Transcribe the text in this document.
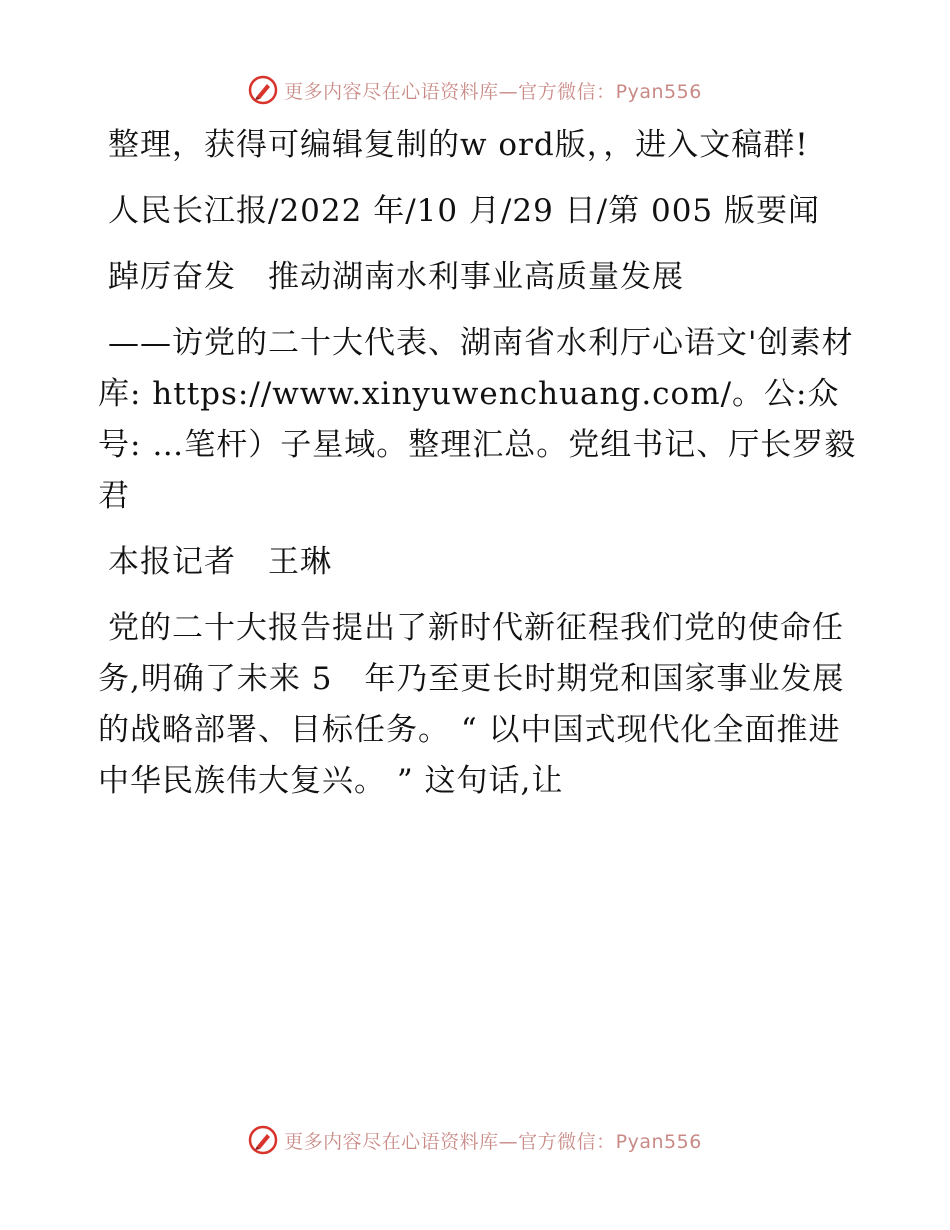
更多内容尽在心语资料库—官方微信：Pyan556

整理，获得可编辑复制的w ord版，，进入文稿群!

人民长江报/2022 年/10 月/29 日/第 005 版要闻

踔厉奋发　推动湖南水利事业高质量发展

——访党的二十大代表、湖南省水利厅心语文'创素材库: https://www.xinyuwenchuang.com/。公:众号: …笔杆）子星域。整理汇总。党组书记、厅长罗毅君

本报记者　王琳

党的二十大报告提出了新时代新征程我们党的使命任务,明确了未来 5　年乃至更长时期党和国家事业发展的战略部署、目标任务。 “ 以中国式现代化全面推进中华民族伟大复兴。 ” 这句话,让

更多内容尽在心语资料库—官方微信：Pyan556
